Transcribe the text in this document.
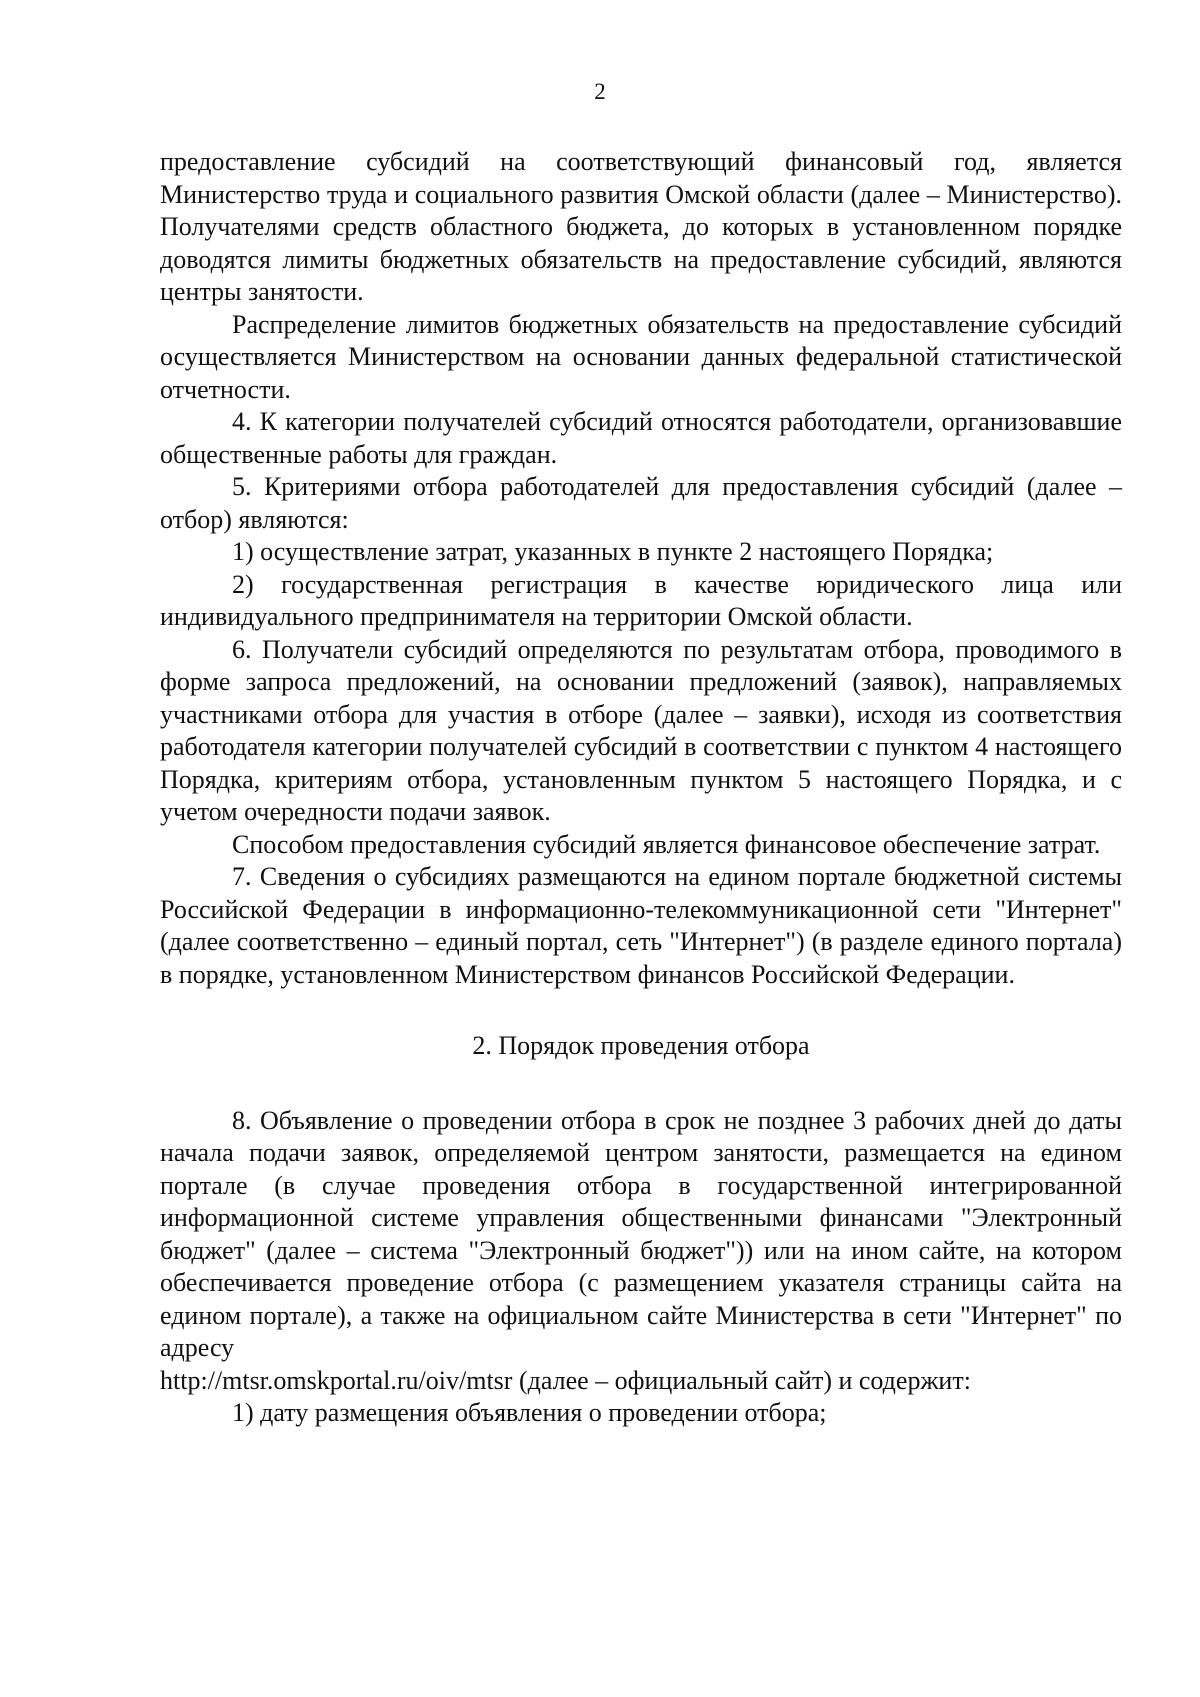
2

предоставление субсидий на соответствующий финансовый год, является Министерство труда и социального развития Омской области (далее – Министерство). Получателями средств областного бюджета, до которых в установленном порядке доводятся лимиты бюджетных обязательств на предоставление субсидий, являются центры занятости.

Распределение лимитов бюджетных обязательств на предоставление субсидий осуществляется Министерством на основании данных федеральной статистической отчетности.

4. К категории получателей субсидий относятся работодатели, организовавшие общественные работы для граждан.

5. Критериями отбора работодателей для предоставления субсидий (далее – отбор) являются:

1) осуществление затрат, указанных в пункте 2 настоящего Порядка;

2) государственная регистрация в качестве юридического лица или индивидуального предпринимателя на территории Омской области.

6. Получатели субсидий определяются по результатам отбора, проводимого в форме запроса предложений, на основании предложений (заявок), направляемых участниками отбора для участия в отборе (далее – заявки), исходя из соответствия работодателя категории получателей субсидий в соответствии с пунктом 4 настоящего Порядка, критериям отбора, установленным пунктом 5 настоящего Порядка, и с учетом очередности подачи заявок.

Способом предоставления субсидий является финансовое обеспечение затрат.

7. Сведения о субсидиях размещаются на едином портале бюджетной системы Российской Федерации в информационно-телекоммуникационной сети "Интернет" (далее соответственно – единый портал, сеть "Интернет") (в разделе единого портала) в порядке, установленном Министерством финансов Российской Федерации.

2. Порядок проведения отбора

8. Объявление о проведении отбора в срок не позднее 3 рабочих дней до даты начала подачи заявок, определяемой центром занятости, размещается на едином портале (в случае проведения отбора в государственной интегрированной информационной системе управления общественными финансами "Электронный бюджет" (далее – система "Электронный бюджет")) или на ином сайте, на котором обеспечивается проведение отбора (с размещением указателя страницы сайта на едином портале), а также на официальном сайте Министерства в сети "Интернет" по адресу

http://mtsr.omskportal.ru/oiv/mtsr (далее – официальный сайт) и содержит:

1) дату размещения объявления о проведении отбора;
